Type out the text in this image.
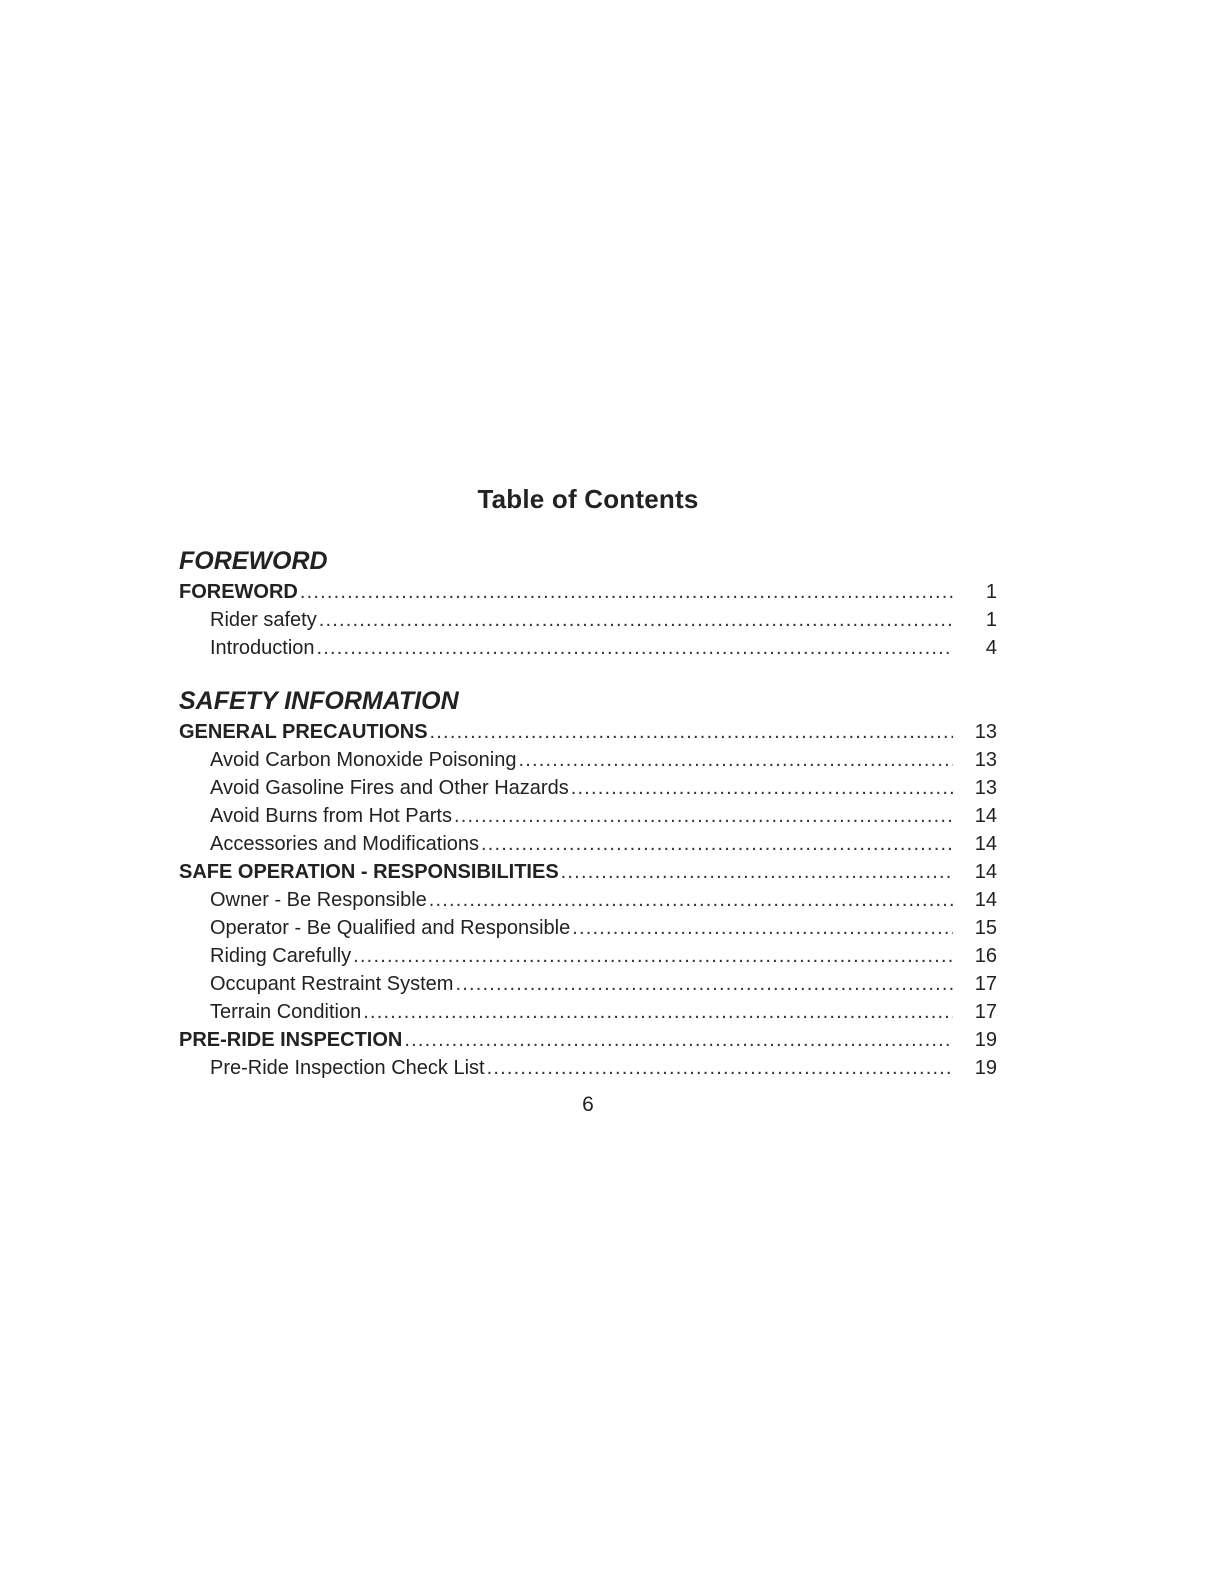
Table of Contents
FOREWORD
FOREWORD .....	1
Rider safety .....	1
Introduction .....	4
SAFETY INFORMATION
GENERAL PRECAUTIONS .....	13
Avoid Carbon Monoxide Poisoning .....	13
Avoid Gasoline Fires and Other Hazards .....	13
Avoid Burns from Hot Parts .....	14
Accessories and Modifications .....	14
SAFE OPERATION - RESPONSIBILITIES .....	14
Owner - Be Responsible .....	14
Operator - Be Qualified and Responsible .....	15
Riding Carefully .....	16
Occupant Restraint System .....	17
Terrain Condition .....	17
PRE-RIDE INSPECTION .....	19
Pre-Ride Inspection Check List .....	19
6
